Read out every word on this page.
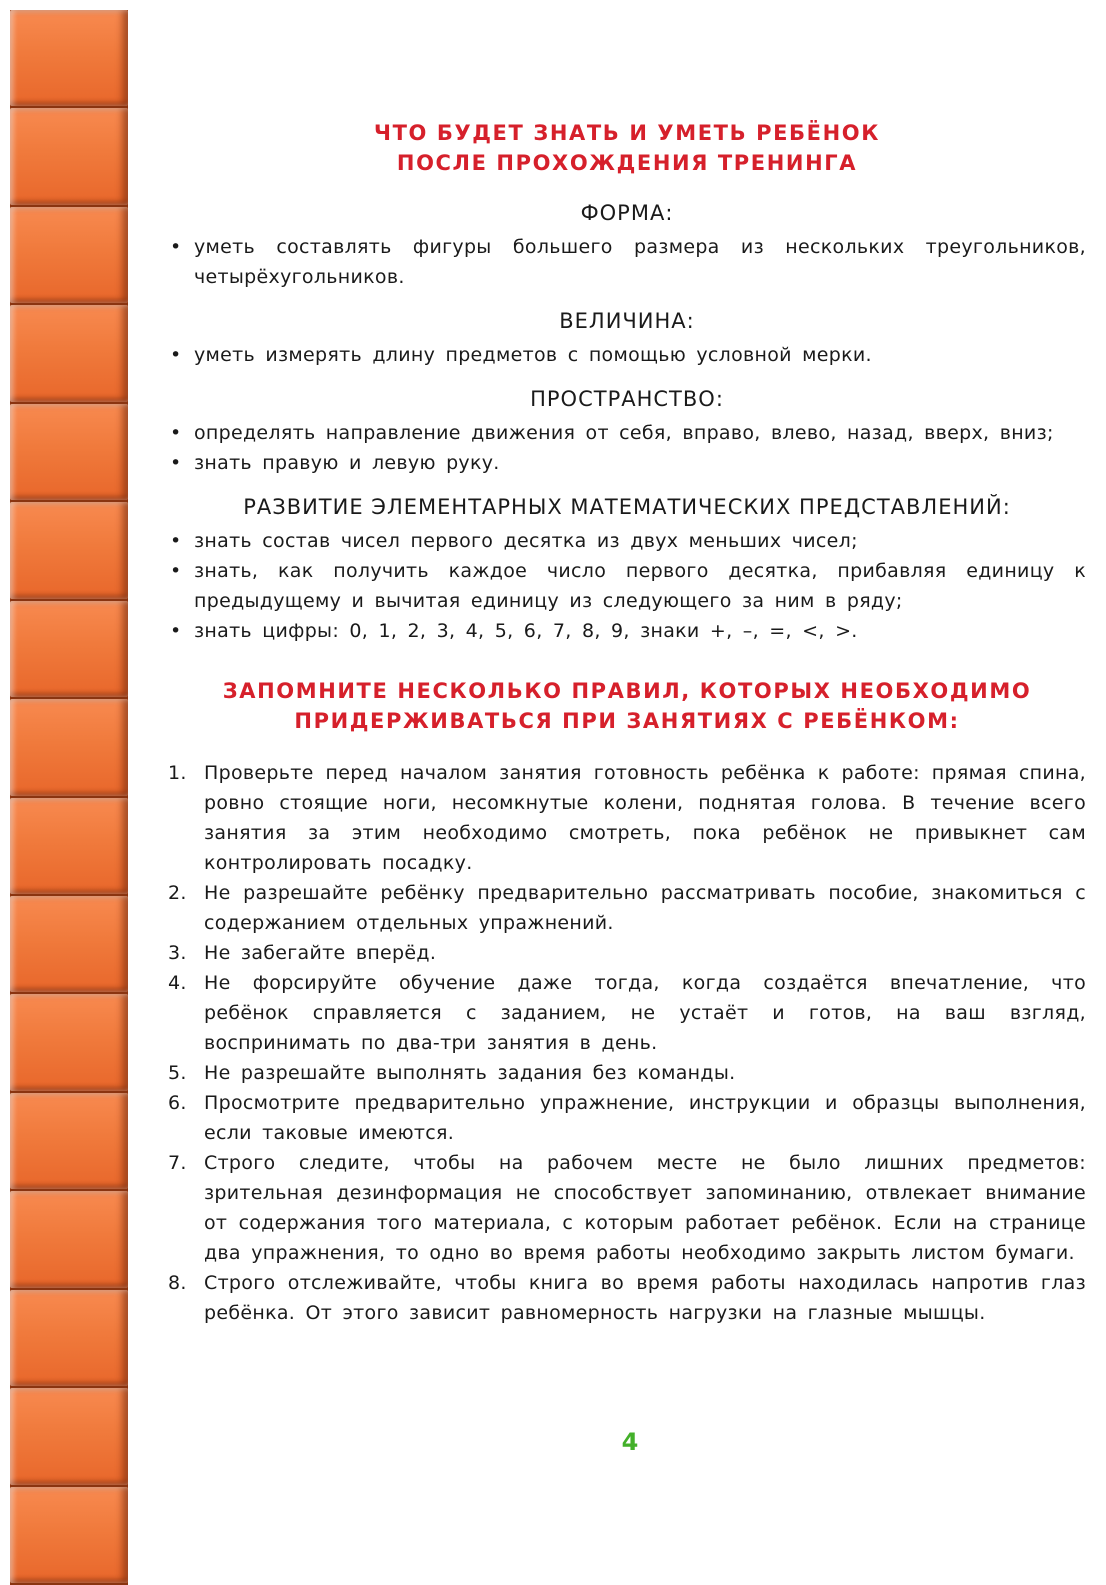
ЧТО БУДЕТ ЗНАТЬ И УМЕТЬ РЕБЁНОК
ПОСЛЕ ПРОХОЖДЕНИЯ ТРЕНИНГА
ФОРМА:
• уметь составлять фигуры большего размера из нескольких треугольников, четырёхугольников.
ВЕЛИЧИНА:
• уметь измерять длину предметов с помощью условной мерки.
ПРОСТРАНСТВО:
• определять направление движения от себя, вправо, влево, назад, вверх, вниз;
• знать правую и левую руку.
РАЗВИТИЕ ЭЛЕМЕНТАРНЫХ МАТЕМАТИЧЕСКИХ ПРЕДСТАВЛЕНИЙ:
• знать состав чисел первого десятка из двух меньших чисел;
• знать, как получить каждое число первого десятка, прибавляя единицу к предыдущему и вычитая единицу из следующего за ним в ряду;
• знать цифры: 0, 1, 2, 3, 4, 5, 6, 7, 8, 9, знаки +, –, =, <, >.
ЗАПОМНИТЕ НЕСКОЛЬКО ПРАВИЛ, КОТОРЫХ НЕОБХОДИМО
ПРИДЕРЖИВАТЬСЯ ПРИ ЗАНЯТИЯХ С РЕБЁНКОМ:
1. Проверьте перед началом занятия готовность ребёнка к работе: прямая спина, ровно стоящие ноги, несомкнутые колени, поднятая голова. В течение всего занятия за этим необходимо смотреть, пока ребёнок не привыкнет сам контролировать посадку.
2. Не разрешайте ребёнку предварительно рассматривать пособие, знакомиться с содержанием отдельных упражнений.
3. Не забегайте вперёд.
4. Не форсируйте обучение даже тогда, когда создаётся впечатление, что ребёнок справляется с заданием, не устаёт и готов, на ваш взгляд, воспринимать по два-три занятия в день.
5. Не разрешайте выполнять задания без команды.
6. Просмотрите предварительно упражнение, инструкции и образцы выполнения, если таковые имеются.
7. Строго следите, чтобы на рабочем месте не было лишних предметов: зрительная дезинформация не способствует запоминанию, отвлекает внимание от содержания того материала, с которым работает ребёнок. Если на странице два упражнения, то одно во время работы необходимо закрыть листом бумаги.
8. Строго отслеживайте, чтобы книга во время работы находилась напротив глаз ребёнка. От этого зависит равномерность нагрузки на глазные мышцы.
4
